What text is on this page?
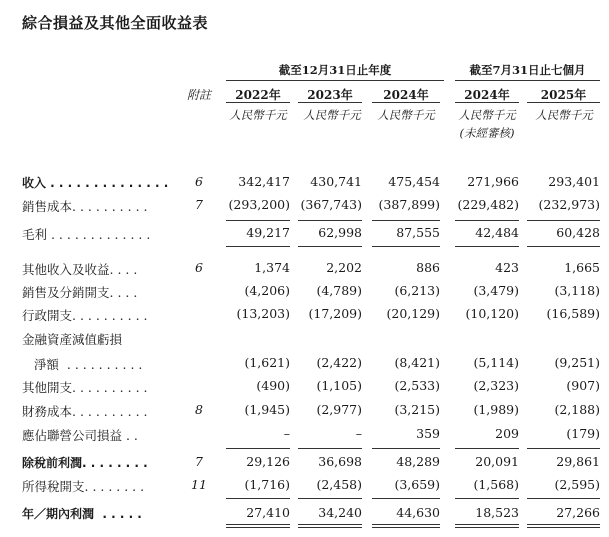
綜合損益及其他全面收益表
截至12月31日止年度	截至7月31日止七個月
附註	2022年	2023年	2024年	2024年	2025年
人民幣千元	人民幣千元	人民幣千元	人民幣千元	人民幣千元
(未經審核)
收入 . . . . . . . . . . . . . .	6	342,417 430,741 475,454 271,966 293,401
銷售成本. . . . . . . . . .	7	(293,200) (367,743) (387,899) (229,482) (232,973)
毛利 . . . . . . . . . . . . .	49,217 62,998	87,555	42,484	60,428
其他收入及收益. . . .	6	1,374	2,202	886	423	1,665
銷售及分銷開支. . . .	(4,206) (4,789)	(6,213)	(3,479)	(3,118)
行政開支. . . . . . . . . .	(13,203) (17,209) (20,129) (10,120) (16,589)
金融資產減值虧損
淨額  . . . . . . . . . .	(1,621) (2,422)	(8,421)	(5,114)	(9,251)
其他開支. . . . . . . . . .	(490) (1,105)	(2,533)	(2,323)	(907)
財務成本. . . . . . . . . .	8	(1,945) (2,977)	(3,215)	(1,989)	(2,188)
應佔聯營公司損益 . .	–	–	359	209	(179)
除稅前利潤. . . . . . . .	7	29,126 36,698	48,289	20,091	29,861
所得稅開支. . . . . . . .	11	(1,716) (2,458)	(3,659)	(1,568)	(2,595)
年／期內利潤  . . . . .	27,410 34,240	44,630	18,523	27,266
